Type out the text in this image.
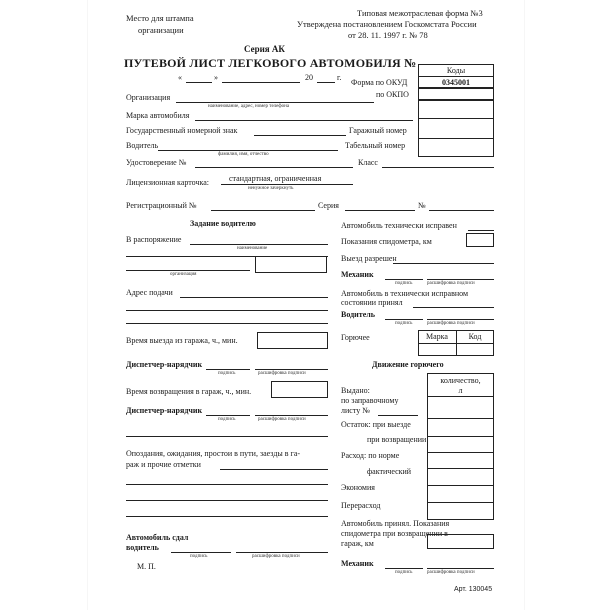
Место для штампа
организации
Типовая межотраслевая форма №3
Утверждена постановлением Госкомстата России
от 28. 11. 1997 г. № 78
Серия АК
ПУТЕВОЙ ЛИСТ ЛЕГКОВОГО АВТОМОБИЛЯ №
Коды
0345001
Форма по ОКУД
по ОКПО
«	»	20	г.
Организация
наименование, адрес, номер телефона
Марка автомобиля
Государственный номерной знак	Гаражный номер
Водитель
фамилия, имя, отчество
Табельный номер
Удостоверение №	Класс
Лицензионная карточка: стандартная, ограниченная
ненужное зачеркнуть
Регистрационный №	Серия	№
Задание водителю
В распоряжение
наименование
организация
Адрес подачи
Время выезда из гаража, ч., мин.
Диспетчер-нарядчик
подпись	расшифровка подписи
Время возвращения в гараж, ч., мин.
Диспетчер-нарядчик
подпись	расшифровка подписи
Опоздания, ожидания, простои в пути, заезды в га-
раж и прочие отметки
Автомобиль сдал
водитель
подпись	расшифровка подписи
М. П.
Автомобиль технически исправен
Показания спидометра, км
Выезд разрешен
Механик
подпись	расшифровка подписи
Автомобиль в технически исправном
состоянии принял
Водитель
подпись	расшифровка подписи
Горючее	Марка	Код
Движение горючего
количество,
л
Выдано:
по заправочному
листу №
Остаток: при выезде
при возвращении
Расход: по норме
фактический
Экономия
Перерасход
Автомобиль принял. Показания
спидометра при возвращении в
гараж, км
Механик
подпись	расшифровка подписи
Арт. 130045
